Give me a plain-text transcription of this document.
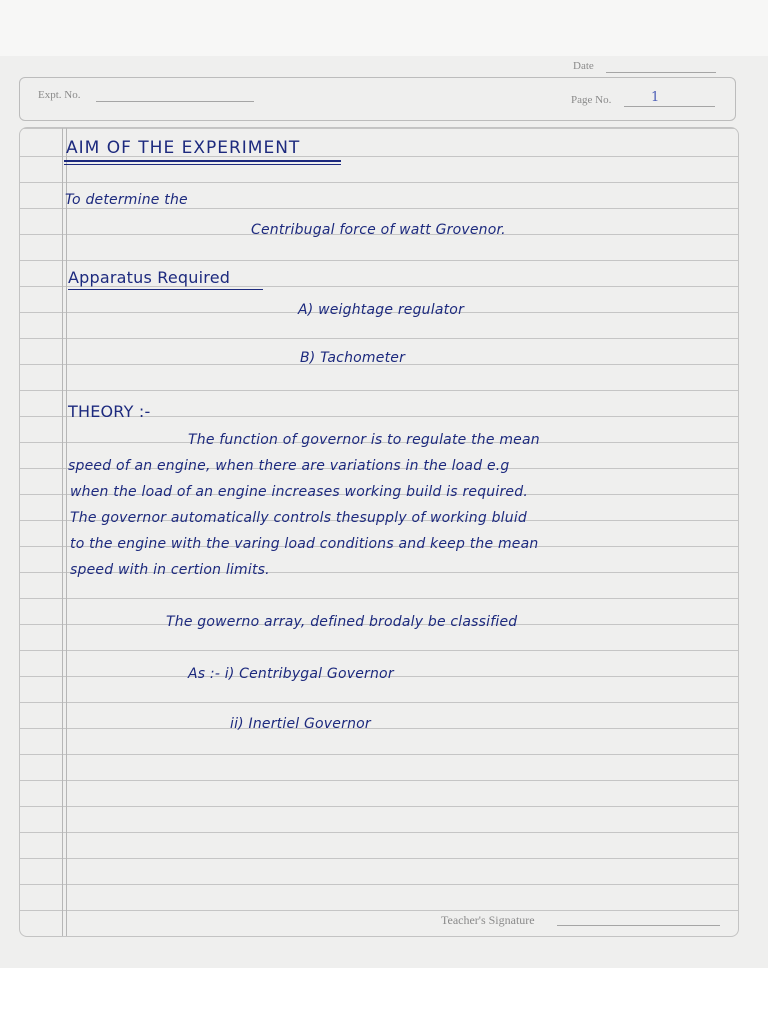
Date
Expt. No.	Page No.	1
AIM OF THE EXPERIMENT
To determine the
Centribugal force of watt Grovenor.
Apparatus Required
A) weightage regulator
B) Tachometer
THEORY :-
The function of governor is to regulate the mean
speed of an engine, when there are variations in the load e.g
when the load of an engine increases working build is required.
The governor automatically controls thesupply of working bluid
to the engine with the varing load conditions and keep the mean
speed with in certion limits.
The gowerno array, defined brodaly be classified
As :- i) Centribygal Governor
ii) Inertiel Governor
Teacher's Signature
